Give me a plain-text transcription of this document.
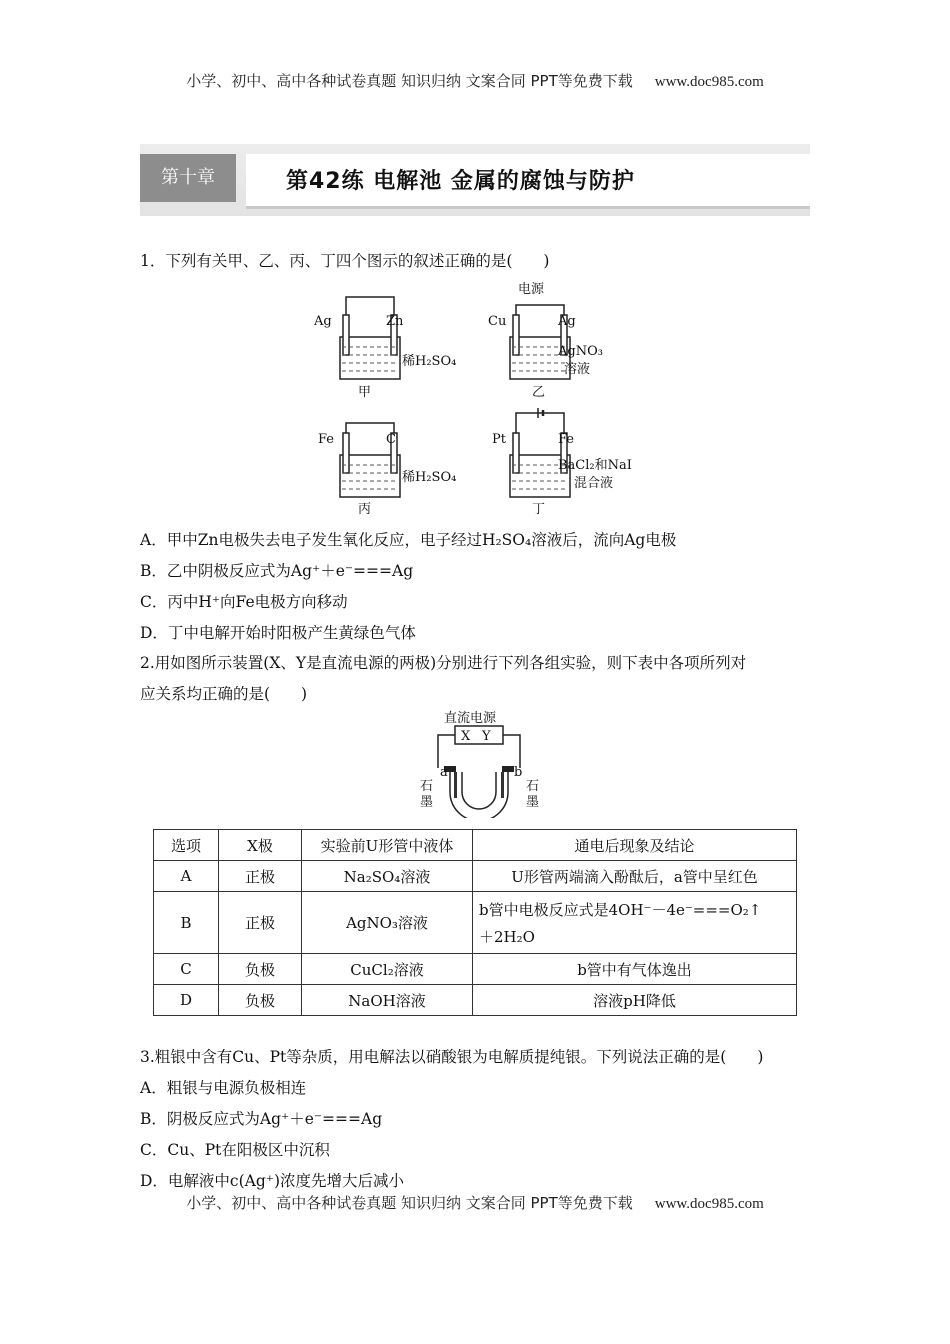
小学、初中、高中各种试卷真题 知识归纳 文案合同 PPT等免费下载 www.doc985.com
第十章	第42练 电解池 金属的腐蚀与防护
1．下列有关甲、乙、丙、丁四个图示的叙述正确的是(　　)
Ag	Zn
稀H₂SO₄
甲
电源
Cu	Ag
AgNO₃
溶液
乙
Fe	C
稀H₂SO₄
丙
Pt	Fe
BaCl₂和NaI
混合液
丁
A．甲中Zn电极失去电子发生氧化反应，电子经过H₂SO₄溶液后，流向Ag电极
B．乙中阴极反应式为Ag⁺＋e⁻===Ag
C．丙中H⁺向Fe电极方向移动
D．丁中电解开始时阳极产生黄绿色气体
2.用如图所示装置(X、Y是直流电源的两极)分别进行下列各组实验，则下表中各项所列对
应关系均正确的是(　　)
直流电源
X Y
a	b
石
墨
石
墨
选项	X极	实验前U形管中液体	通电后现象及结论
A	正极	Na₂SO₄溶液	U形管两端滴入酚酞后，a管中呈红色
B	正极	AgNO₃溶液	b管中电极反应式是4OH⁻－4e⁻===O₂↑
＋2H₂O

C	负极	CuCl₂溶液	b管中有气体逸出
D	负极	NaOH溶液	溶液pH降低
3.粗银中含有Cu、Pt等杂质，用电解法以硝酸银为电解质提纯银。下列说法正确的是(　　)
A．粗银与电源负极相连
B．阴极反应式为Ag⁺＋e⁻===Ag
C．Cu、Pt在阳极区中沉积
D．电解液中c(Ag⁺)浓度先增大后减小
小学、初中、高中各种试卷真题 知识归纳 文案合同 PPT等免费下载 www.doc985.com
